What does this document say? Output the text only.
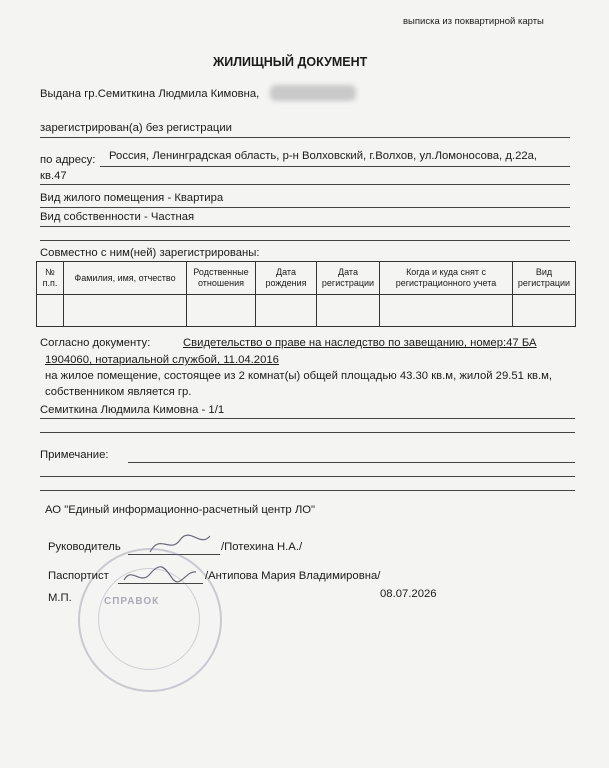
выписка из поквартирной карты
ЖИЛИЩНЫЙ ДОКУМЕНТ
Выдана гр.Семиткина Людмила Кимовна,
зарегистрирован(а) без регистрации
по адресу: Россия, Ленинградская область, р-н Волховский, г.Волхов, ул.Ломоносова, д.22а,
кв.47
Вид жилого помещения - Квартира
Вид собственности - Частная
Совместно с ним(ней) зарегистрированы:
№ п.п.	Фамилия, имя, отчество	Родственные отношения	Дата рождения	Дата регистрации	Когда и куда снят с регистрационного учета	Вид регистрации

Согласно документу:	Свидетельство о праве на наследство по завещанию, номер:47 БА
1904060, нотариальной службой, 11.04.2016
на жилое помещение, состоящее из 2 комнат(ы) общей площадью 43.30 кв.м, жилой 29.51 кв.м,
собственником является гр.
Семиткина Людмила Кимовна - 1/1
Примечание:
АО "Единый информационно-расчетный центр ЛО"
Руководитель	/Потехина Н.А./
СПРАВОК
Паспортист	/Антипова Мария Владимировна/
М.П.	08.07.2026
